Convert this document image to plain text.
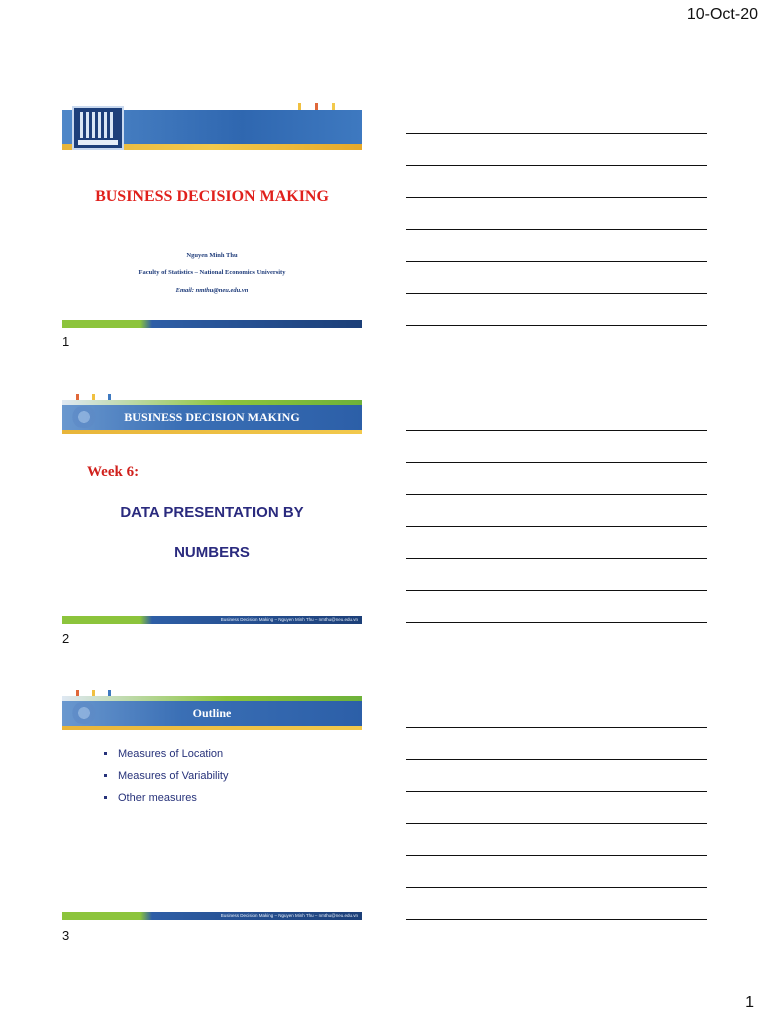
10-Oct-20
BUSINESS DECISION MAKING
Nguyen Minh Thu
Faculty of Statistics – National Economics University
Email: nmthu@neu.edu.vn
1
BUSINESS DECISION MAKING
Week 6:
DATA PRESENTATION BY
NUMBERS
Business Decision Making – Nguyen Minh Thu – nmthu@neu.edu.vn
2
Outline
Measures of Location
Measures of Variability
Other measures
Business Decision Making – Nguyen Minh Thu – nmthu@neu.edu.vn
3
1
